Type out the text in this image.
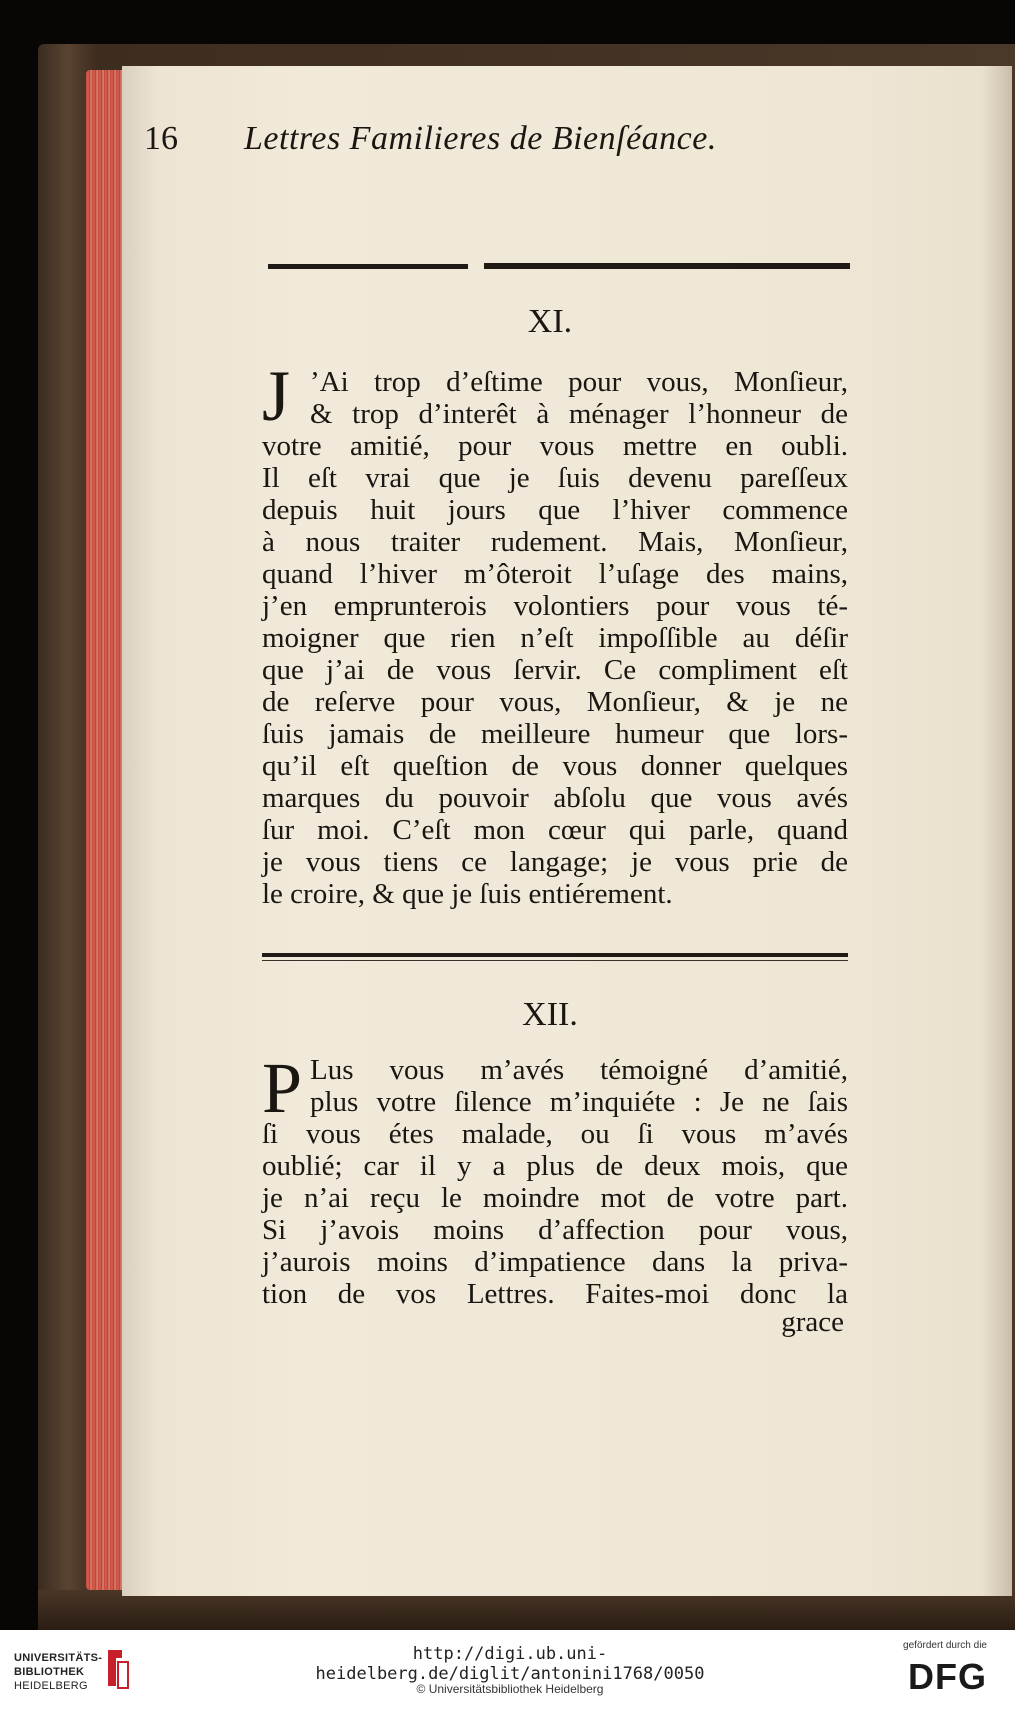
16 Lettres Familieres de Bienſéance.
XI.
J ’Ai trop d’eſtime pour vous, Monſieur,
& trop d’interêt à ménager l’honneur de
votre amitié, pour vous mettre en oubli.
Il eſt vrai que je ſuis devenu pareſſeux
depuis huit jours que l’hiver commence
à nous traiter rudement. Mais, Monſieur,
quand l’hiver m’ôteroit l’uſage des mains,
j’en emprunterois volontiers pour vous té-
moigner que rien n’eſt impoſſible au déſir
que j’ai de vous ſervir. Ce compliment eſt
de reſerve pour vous, Monſieur, & je ne
ſuis jamais de meilleure humeur que lors-
qu’il eſt queſtion de vous donner quelques
marques du pouvoir abſolu que vous avés
ſur moi. C’eſt mon cœur qui parle, quand
je vous tiens ce langage; je vous prie de
le croire, & que je ſuis entiérement.
XII.
P Lus vous m’avés témoigné d’amitié,
plus votre ſilence m’inquiéte : Je ne ſais
ſi vous étes malade, ou ſi vous m’avés
oublié; car il y a plus de deux mois, que
je n’ai reçu le moindre mot de votre part.
Si j’avois moins d’affection pour vous,
j’aurois moins d’impatience dans la priva-
tion de vos Lettres. Faites-moi donc la
grace
UNIVERSITÄTS-
BIBLIOTHEK
HEIDELBERG
http://digi.ub.uni-heidelberg.de/diglit/antonini1768/0050
© Universitätsbibliothek Heidelberg
gefördert durch die
DFG
